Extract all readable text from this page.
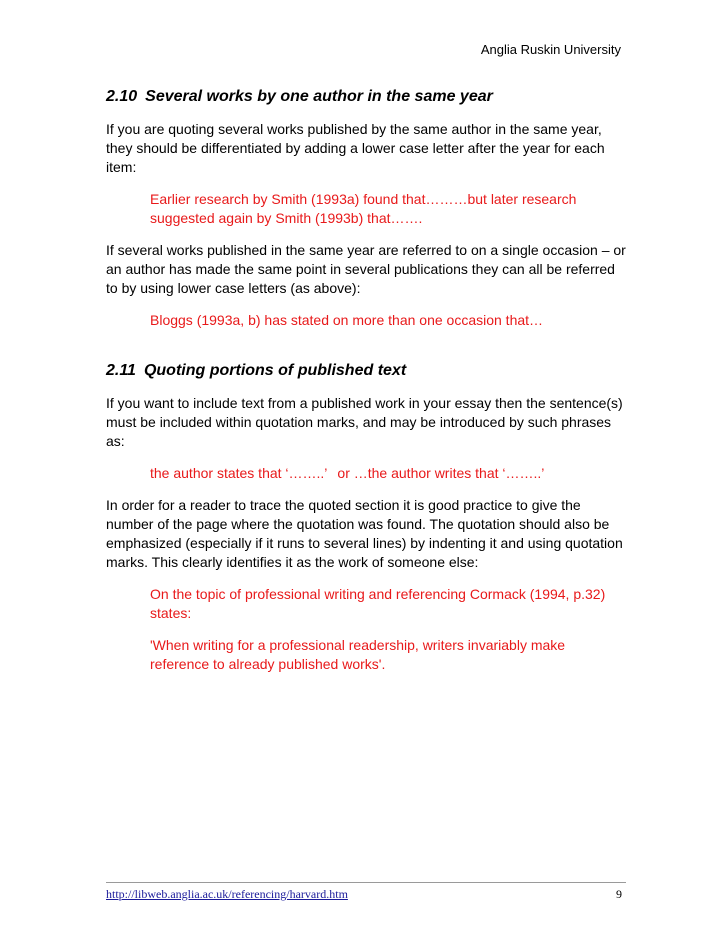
Anglia Ruskin University
2.10 Several works by one author in the same year

If you are quoting several works published by the same author in the same year, they should be differentiated by adding a lower case letter after the year for each item:

Earlier research by Smith (1993a) found that………but later research suggested again by Smith (1993b) that…….

If several works published in the same year are referred to on a single occasion – or an author has made the same point in several publications they can all be referred to by using lower case letters (as above):

Bloggs (1993a, b) has stated on more than one occasion that…

2.11 Quoting portions of published text

If you want to include text from a published work in your essay then the sentence(s) must be included within quotation marks, and may be introduced by such phrases as:

the author states that ‘……..’ or …the author writes that ‘……..’

In order for a reader to trace the quoted section it is good practice to give the number of the page where the quotation was found. The quotation should also be emphasized (especially if it runs to several lines) by indenting it and using quotation marks. This clearly identifies it as the work of someone else:

On the topic of professional writing and referencing Cormack (1994, p.32) states:

'When writing for a professional readership, writers invariably make reference to already published works'.

http://libweb.anglia.ac.uk/referencing/harvard.htm	9
